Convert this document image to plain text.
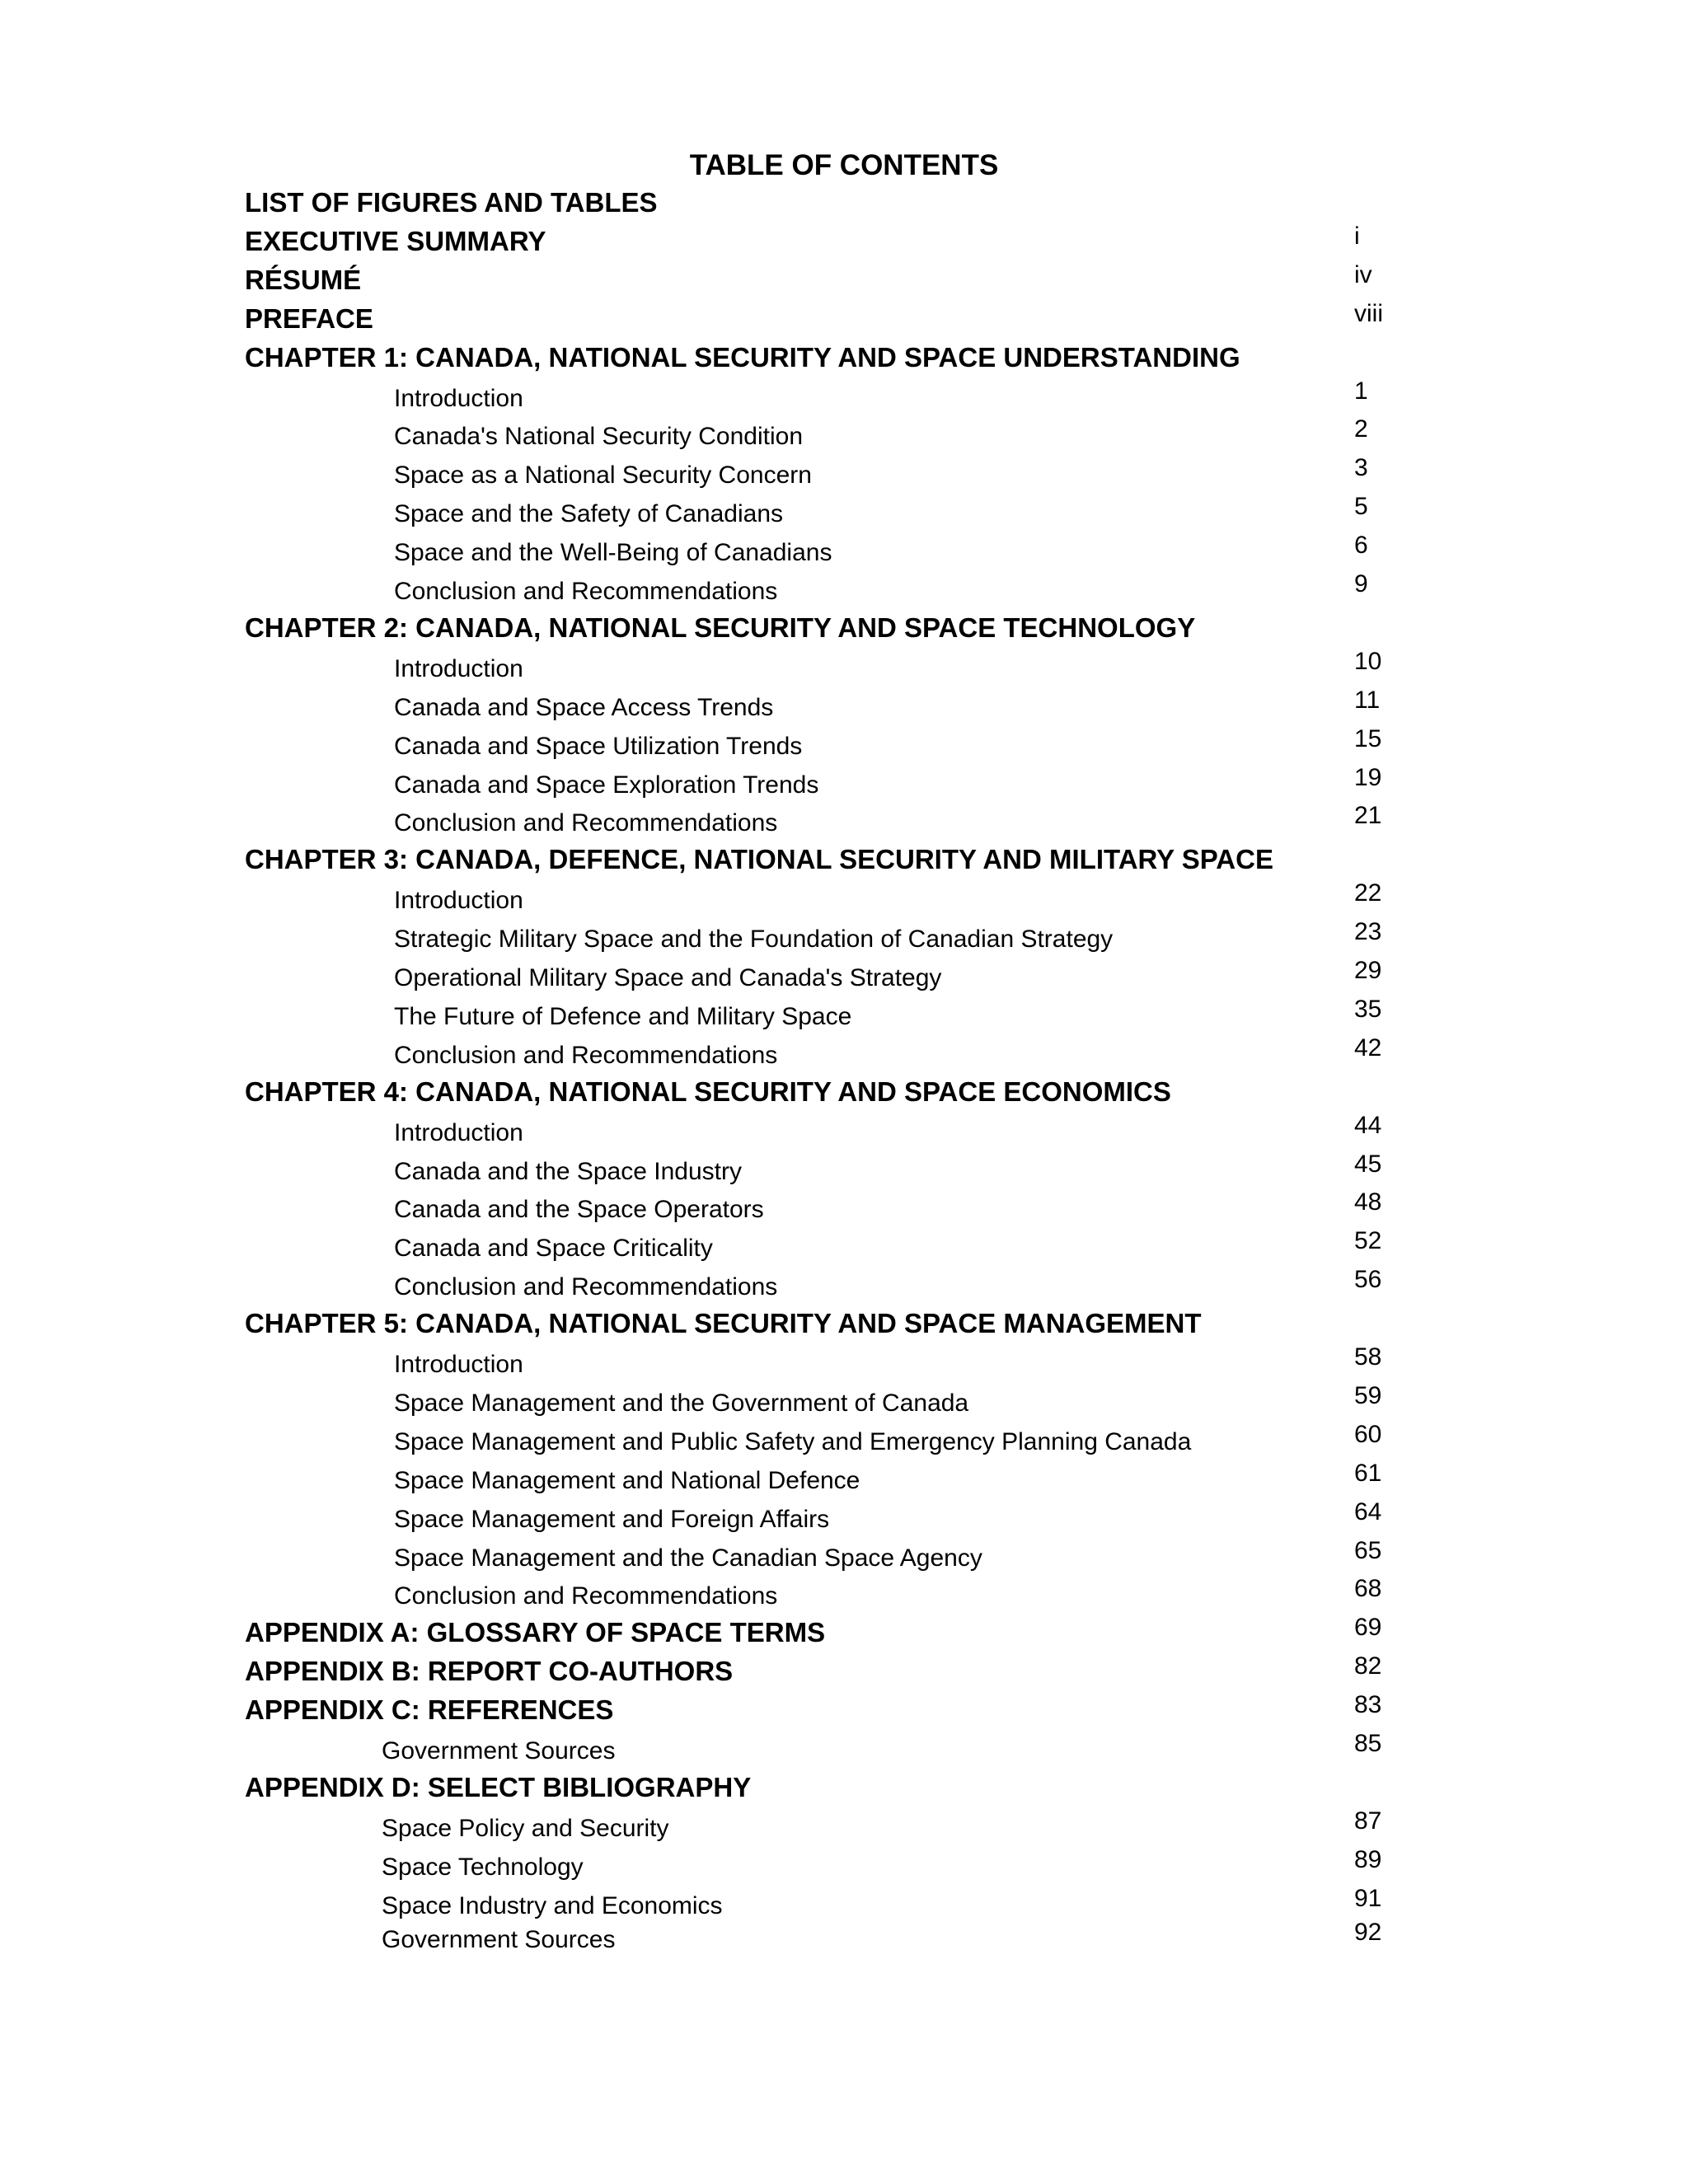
TABLE OF CONTENTS
LIST OF FIGURES AND TABLES
EXECUTIVE SUMMARY	i
RÉSUMÉ	iv
PREFACE	viii
CHAPTER 1: CANADA, NATIONAL SECURITY AND SPACE UNDERSTANDING
Introduction	1
Canada's National Security Condition	2
Space as a National Security Concern	3
Space and the Safety of Canadians	5
Space and the Well-Being of Canadians	6
Conclusion and Recommendations	9
CHAPTER 2: CANADA, NATIONAL SECURITY AND SPACE TECHNOLOGY
Introduction	10
Canada and Space Access Trends	11
Canada and Space Utilization Trends	15
Canada and Space Exploration Trends	19
Conclusion and Recommendations	21
CHAPTER 3: CANADA, DEFENCE, NATIONAL SECURITY AND MILITARY SPACE
Introduction	22
Strategic Military Space and the Foundation of Canadian Strategy	23
Operational Military Space and Canada's Strategy	29
The Future of Defence and Military Space	35
Conclusion and Recommendations	42
CHAPTER 4: CANADA, NATIONAL SECURITY AND SPACE ECONOMICS
Introduction	44
Canada and the Space Industry	45
Canada and the Space Operators	48
Canada and Space Criticality	52
Conclusion and Recommendations	56
CHAPTER 5: CANADA, NATIONAL SECURITY AND SPACE MANAGEMENT
Introduction	58
Space Management and the Government of Canada	59
Space Management and Public Safety and Emergency Planning Canada	60
Space Management and National Defence	61
Space Management and Foreign Affairs	64
Space Management and the Canadian Space Agency	65
Conclusion and Recommendations	68
APPENDIX A: GLOSSARY OF SPACE TERMS	69
APPENDIX B: REPORT CO-AUTHORS	82
APPENDIX C: REFERENCES	83
Government Sources	85
APPENDIX D: SELECT BIBLIOGRAPHY
Space Policy and Security	87
Space Technology	89
Space Industry and Economics	91
Government Sources	92
